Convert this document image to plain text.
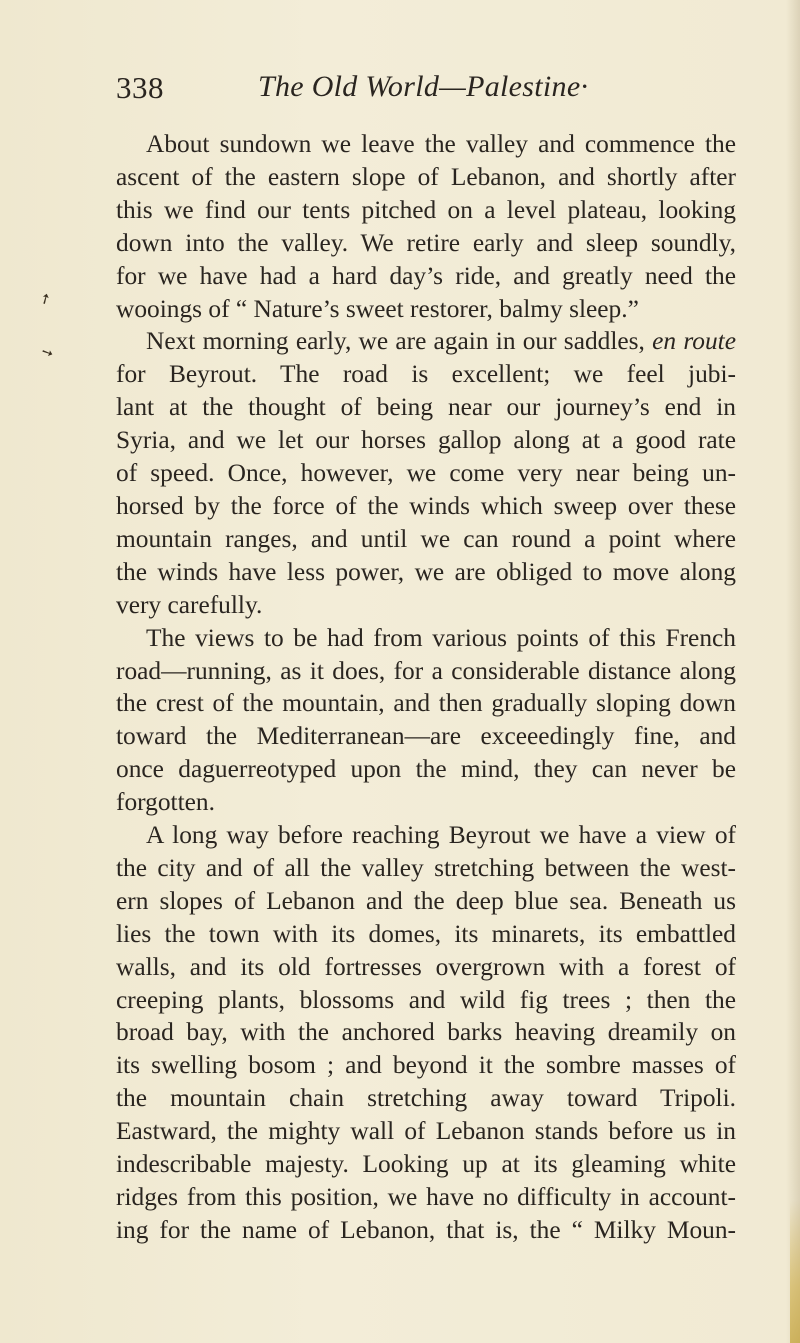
➚
➘
338	The Old World—Palestine·
About sundown we leave the valley and commence the
ascent of the eastern slope of Lebanon, and shortly after
this we find our tents pitched on a level plateau, looking
down into the valley. We retire early and sleep soundly,
for we have had a hard day’s ride, and greatly need the
wooings of “ Nature’s sweet restorer, balmy sleep.”
Next morning early, we are again in our saddles, en route
for Beyrout. The road is excellent; we feel jubi-
lant at the thought of being near our journey’s end in
Syria, and we let our horses gallop along at a good rate
of speed. Once, however, we come very near being un-
horsed by the force of the winds which sweep over these
mountain ranges, and until we can round a point where
the winds have less power, we are obliged to move along
very carefully.
The views to be had from various points of this French
road—running, as it does, for a considerable distance along
the crest of the mountain, and then gradually sloping down
toward the Mediterranean—are exceeedingly fine, and
once daguerreotyped upon the mind, they can never be
forgotten.
A long way before reaching Beyrout we have a view of
the city and of all the valley stretching between the west-
ern slopes of Lebanon and the deep blue sea. Beneath us
lies the town with its domes, its minarets, its embattled
walls, and its old fortresses overgrown with a forest of
creeping plants, blossoms and wild fig trees ; then the
broad bay, with the anchored barks heaving dreamily on
its swelling bosom ; and beyond it the sombre masses of
the mountain chain stretching away toward Tripoli.
Eastward, the mighty wall of Lebanon stands before us in
indescribable majesty. Looking up at its gleaming white
ridges from this position, we have no difficulty in account-
ing for the name of Lebanon, that is, the “ Milky Moun-
